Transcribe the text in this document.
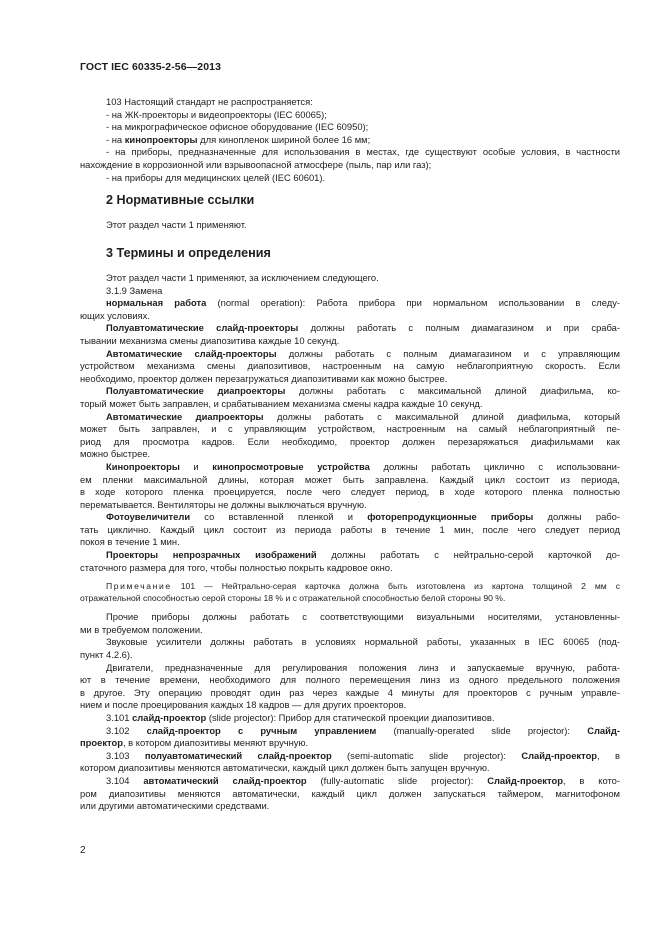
ГОСТ IEC 60335-2-56—2013

103 Настоящий стандарт не распространяется:

- на ЖК-проекторы и видеопроекторы (IEC 60065);

- на микрографическое офисное оборудование (IEC 60950);

- на кинопроекторы для кинопленок шириной более 16 мм;

- на приборы, предназначенные для использования в местах, где существуют особые условия, в частности

нахождение в коррозионной или взрывоопасной атмосфере (пыль, пар или газ);

- на приборы для медицинских целей (IEC 60601).

2 Нормативные ссылки

Этот раздел части 1 применяют.

3 Термины и определения

Этот раздел части 1 применяют, за исключением следующего.

3.1.9 Замена

нормальная работа (normal operation): Работа прибора при нормальном использовании в следу-

ющих условиях.

Полуавтоматические слайд-проекторы должны работать с полным диамагазином и при сраба-

тывании механизма смены диапозитива каждые 10 секунд.

Автоматические слайд-проекторы должны работать с полным диамагазином и с управляющим

устройством механизма смены диапозитивов, настроенным на самую неблагоприятную скорость. Если

необходимо, проектор должен перезагружаться диапозитивами как можно быстрее.

Полуавтоматические диапроекторы должны работать с максимальной длиной диафильма, ко-

торый может быть заправлен, и срабатыванием механизма смены кадра каждые 10 секунд.

Автоматические диапроекторы должны работать с максимальной длиной диафильма, который

может быть заправлен, и с управляющим устройством, настроенным на самый неблагоприятный пе-

риод для просмотра кадров. Если необходимо, проектор должен перезаряжаться диафильмами как

можно быстрее.

Кинопроекторы и кинопросмотровые устройства должны работать циклично с использовани-

ем пленки максимальной длины, которая может быть заправлена. Каждый цикл состоит из периода,

в ходе которого пленка проецируется, после чего следует период, в ходе которого пленка полностью

перематывается. Вентиляторы не должны выключаться вручную.

Фотоувеличители со вставленной пленкой и фоторепродукционные приборы должны рабо-

тать циклично. Каждый цикл состоит из периода работы в течение 1 мин, после чего следует период

покоя в течение 1 мин.

Проекторы непрозрачных изображений должны работать с нейтрально-серой карточкой до-

статочного размера для того, чтобы полностью покрыть кадровое окно.

Примечание 101 — Нейтрально-серая карточка должна быть изготовлена из картона толщиной 2 мм с

отражательной способностью серой стороны 18 % и с отражательной способностью белой стороны 90 %.

Прочие приборы должны работать с соответствующими визуальными носителями, установленны-

ми в требуемом положении.

Звуковые усилители должны работать в условиях нормальной работы, указанных в IEC 60065 (под-

пункт 4.2.6).

Двигатели, предназначенные для регулирования положения линз и запускаемые вручную, работа-

ют в течение времени, необходимого для полного перемещения линз из одного предельного положения

в другое. Эту операцию проводят один раз через каждые 4 минуты для проекторов с ручным управле-

нием и после проецирования каждых 18 кадров — для других проекторов.

3.101 слайд-проектор (slide projector): Прибор для статической проекции диапозитивов.

3.102 слайд-проектор с ручным управлением (manually-operated slide projector): Слайд-

проектор, в котором диапозитивы меняют вручную.

3.103 полуавтоматический слайд-проектор (semi-automatic slide projector): Слайд-проектор, в

котором диапозитивы меняются автоматически, каждый цикл должен быть запущен вручную.

3.104 автоматический слайд-проектор (fully-automatic slide projector): Слайд-проектор, в кото-

ром диапозитивы меняются автоматически, каждый цикл должен запускаться таймером, магнитофоном

или другими автоматическими средствами.

2
